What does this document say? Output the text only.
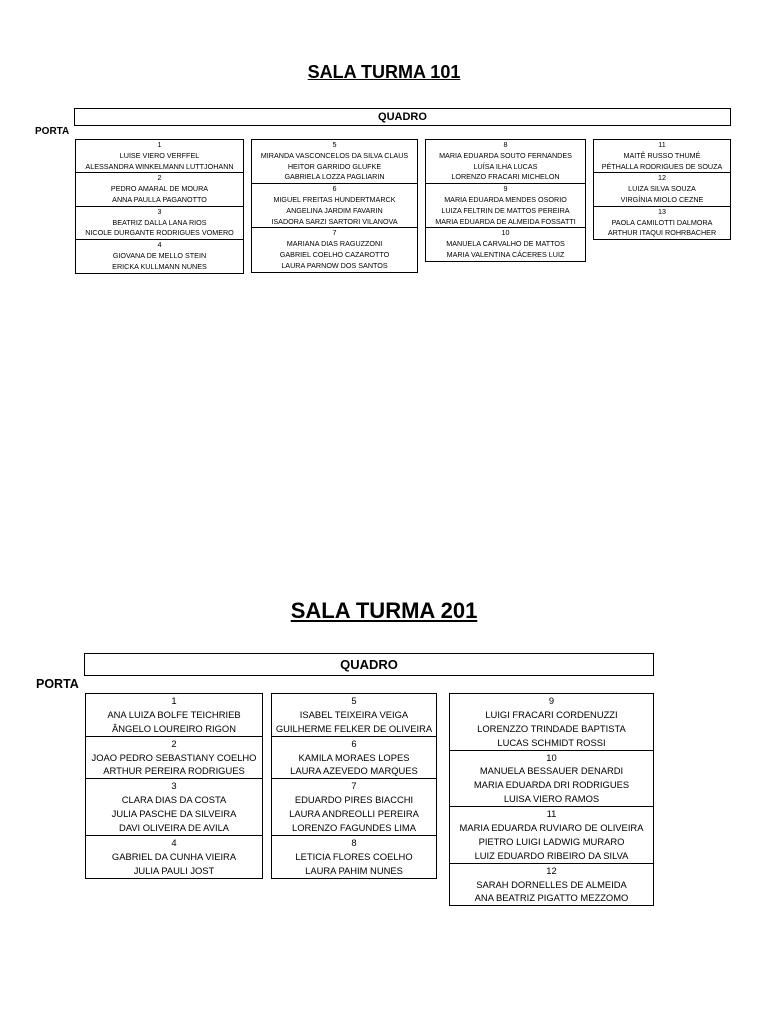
SALA TURMA 101
QUADRO
PORTA
1
LUISE VIERO VERFFEL
ALESSANDRA WINKELMANN LUTTJOHANN
2
PEDRO AMARAL DE MOURA
ANNA PAULLA PAGANOTTO
3
BEATRIZ DALLA LANA RIOS
NICOLE DURGANTE RODRIGUES VOMERO
4
GIOVANA DE MELLO STEIN
ERICKA KULLMANN NUNES
5
MIRANDA VASCONCELOS DA SILVA CLAUS
HEITOR GARRIDO GLUFKE
GABRIELA LOZZA PAGLIARIN
6
MIGUEL FREITAS HUNDERTMARCK
ANGELINA JARDIM FAVARIN
ISADORA SARZI SARTORI VILANOVA
7
MARIANA DIAS RAGUZZONI
GABRIEL COELHO CAZAROTTO
LAURA PARNOW DOS SANTOS
8
MARIA EDUARDA SOUTO FERNANDES
LUÍSA ILHA LUCAS
LORENZO FRACARI MICHELON
9
MARIA EDUARDA MENDES OSORIO
LUIZA FELTRIN DE MATTOS PEREIRA
MARIA EDUARDA DE ALMEIDA FOSSATTI
10
MANUELA CARVALHO DE MATTOS
MARIA VALENTINA CÁCERES LUIZ
11
MAITÊ RUSSO THUMÉ
PÉTHALLA RODRIGUES DE SOUZA
12
LUIZA SILVA SOUZA
VIRGÍNIA MIOLO CEZNE
13
PAOLA CAMILOTTI DALMORA
ARTHUR ITAQUI ROHRBACHER
SALA TURMA 201
QUADRO
PORTA
1
ANA LUIZA BOLFE TEICHRIEB
ÂNGELO LOUREIRO RIGON
2
JOAO PEDRO SEBASTIANY COELHO
ARTHUR PEREIRA RODRIGUES
3
CLARA DIAS DA COSTA
JULIA PASCHE DA SILVEIRA
DAVI OLIVEIRA DE AVILA
4
GABRIEL DA CUNHA VIEIRA
JULIA PAULI JOST
5
ISABEL TEIXEIRA VEIGA
GUILHERME FELKER DE OLIVEIRA
6
KAMILA MORAES LOPES
LAURA AZEVEDO MARQUES
7
EDUARDO PIRES BIACCHI
LAURA ANDREOLLI PEREIRA
LORENZO FAGUNDES LIMA
8
LETICIA FLORES COELHO
LAURA PAHIM NUNES
9
LUIGI FRACARI CORDENUZZI
LORENZZO TRINDADE BAPTISTA
LUCAS SCHMIDT ROSSI
10
MANUELA BESSAUER DENARDI
MARIA EDUARDA DRI RODRIGUES
LUISA VIERO RAMOS
11
MARIA EDUARDA RUVIARO DE OLIVEIRA
PIETRO LUIGI LADWIG MURARO
LUIZ EDUARDO RIBEIRO DA SILVA
12
SARAH DORNELLES DE ALMEIDA
ANA BEATRIZ PIGATTO MEZZOMO
